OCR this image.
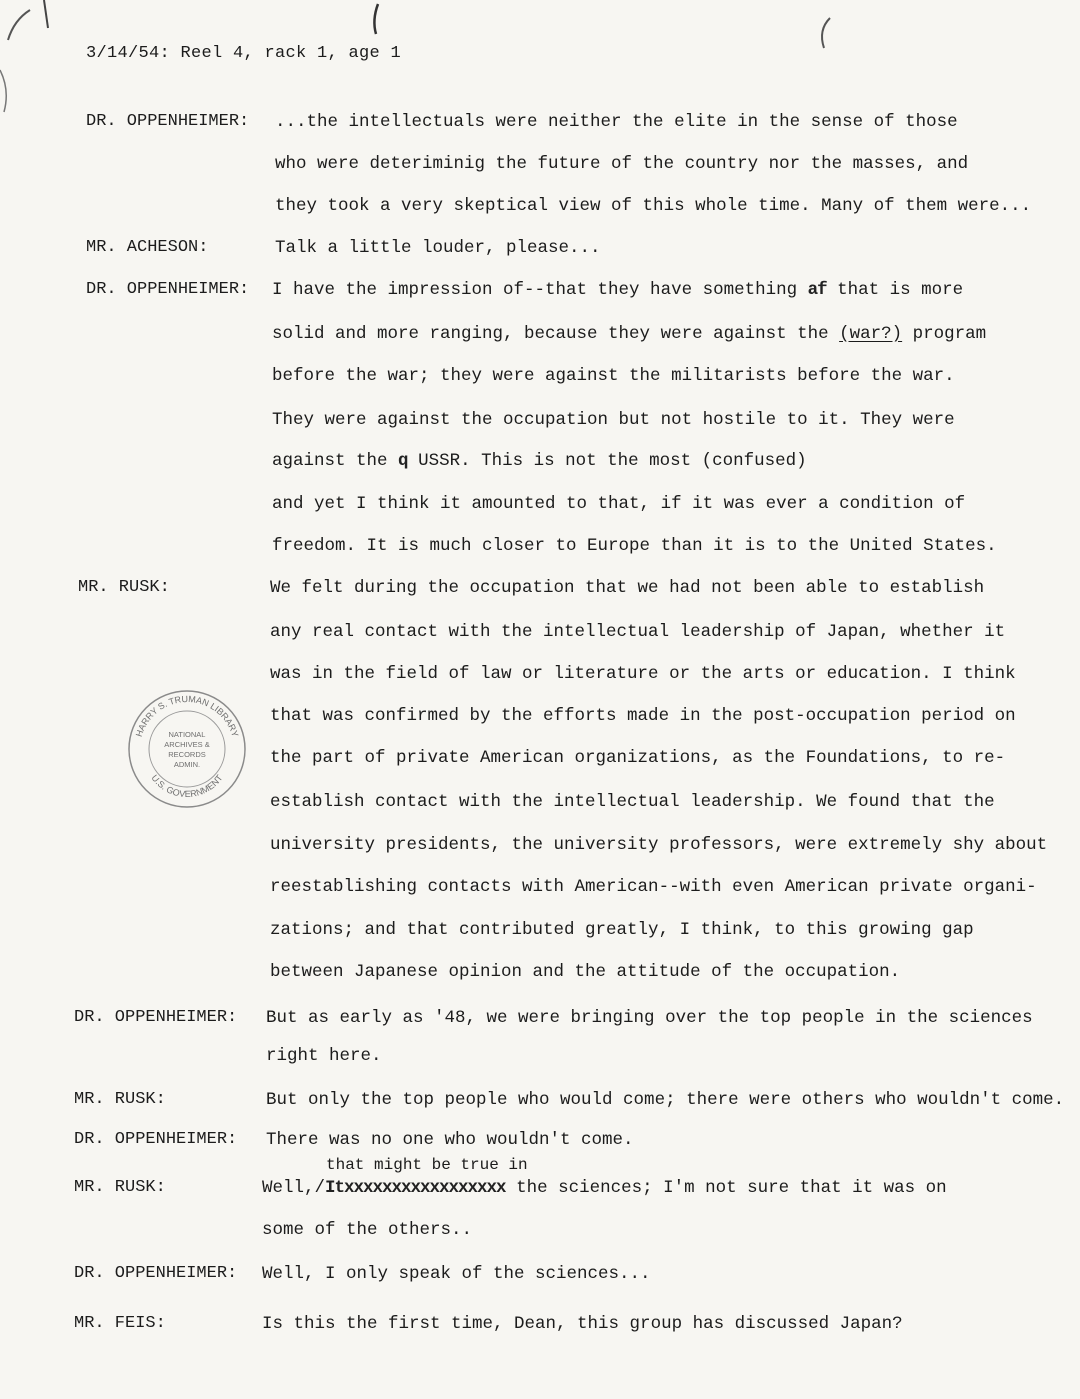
3/14/54: Reel 4, rack 1, age 1
DR. OPPENHEIMER: ...the intellectuals were neither the elite in the sense of those
who were deteriminig the future of the country nor the masses, and
they took a very skeptical view of this whole time. Many of them were...
MR. ACHESON:	Talk a little louder, please...
DR. OPPENHEIMER: I have the impression of--that they have something af that is more
solid and more ranging, because they were against the (war?) program
before the war; they were against the militarists before the war.
They were against the occupation but not hostile to it. They were
against the q USSR. This is not the most (confused)
and yet I think it amounted to that, if it was ever a condition of
freedom. It is much closer to Europe than it is to the United States.
MR. RUSK:	We felt during the occupation that we had not been able to establish
any real contact with the intellectual leadership of Japan, whether it
was in the field of law or literature or the arts or education. I think
that was confirmed by the efforts made in the post-occupation period on
the part of private American organizations, as the Foundations, to re-
establish contact with the intellectual leadership. We found that the
university presidents, the university professors, were extremely shy about
reestablishing contacts with American--with even American private organi-
zations; and that contributed greatly, I think, to this growing gap
between Japanese opinion and the attitude of the occupation.
HARRY S. TRUMAN LIBRARY
U.S. GOVERNMENT
NATIONAL
ARCHIVES &
RECORDS
ADMIN.
DR. OPPENHEIMER: But as early as '48, we were bringing over the top people in the sciences
right here.
MR. RUSK:	But only the top people who would come; there were others who wouldn't come.
DR. OPPENHEIMER: There was no one who wouldn't come.
that might be true in
MR. RUSK:	Well,/Itxxxxxxxxxxxxxxxxx the sciences; I'm not sure that it was on
some of the others..
DR. OPPENHEIMER: Well, I only speak of the sciences...
MR. FEIS:	Is this the first time, Dean, this group has discussed Japan?
